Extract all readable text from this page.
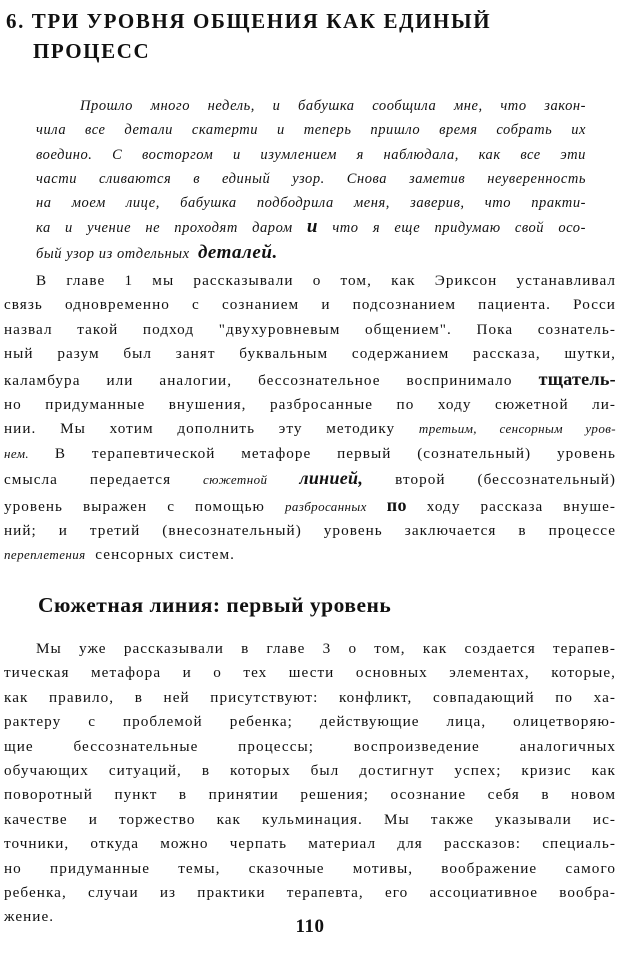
6. ТРИ УРОВНЯ ОБЩЕНИЯ КАК ЕДИНЫЙ
ПРОЦЕСС
Прошло много недель, и бабушка сообщила мне, что закон-
чила все детали скатерти и теперь пришло время собрать их
воедино. С восторгом и изумлением я наблюдала, как все эти
части сливаются в единый узор. Снова заметив неуверенность
на моем лице, бабушка подбодрила меня, заверив, что практи-
ка и учение не проходят даром и что я еще придумаю свой осо-
бый узор из отдельных деталей.
В главе 1 мы рассказывали о том, как Эриксон устанавливал
связь одновременно с сознанием и подсознанием пациента. Росси
назвал такой подход "двухуровневым общением". Пока сознатель-
ный разум был занят буквальным содержанием рассказа, шутки,
каламбура или аналогии, бессознательное воспринимало тщатель-
но придуманные внушения, разбросанные по ходу сюжетной ли-
нии. Мы хотим дополнить эту методику третьим, сенсорным уров-
нем. В терапевтической метафоре первый (сознательный) уровень
смысла передается сюжетной линией, второй (бессознательный)
уровень выражен с помощью разбросанных по ходу рассказа внуше-
ний; и третий (внесознательный) уровень заключается в процессе
переплетения сенсорных систем.
Сюжетная линия: первый уровень
Мы уже рассказывали в главе 3 о том, как создается терапев-
тическая метафора и о тех шести основных элементах, которые,
как правило, в ней присутствуют: конфликт, совпадающий по ха-
рактеру с проблемой ребенка; действующие лица, олицетворяю-
щие бессознательные процессы; воспроизведение аналогичных
обучающих ситуаций, в которых был достигнут успех; кризис как
поворотный пункт в принятии решения; осознание себя в новом
качестве и торжество как кульминация. Мы также указывали ис-
точники, откуда можно черпать материал для рассказов: специаль-
но придуманные темы, сказочные мотивы, воображение самого
ребенка, случаи из практики терапевта, его ассоциативное вообра-
жение.	110
